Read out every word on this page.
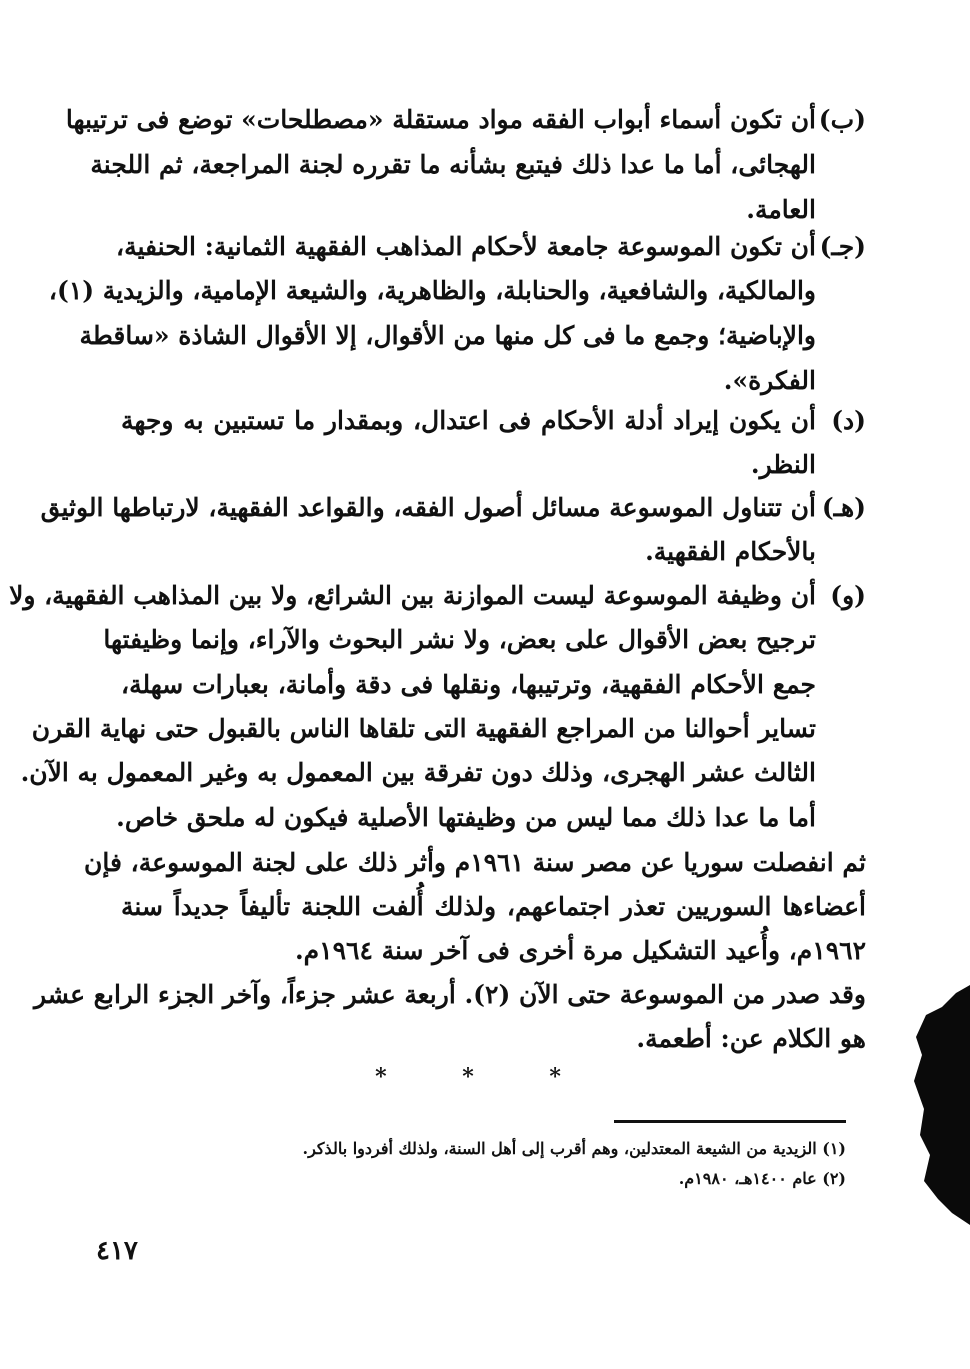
(ب)
أن تكون أسماء أبواب الفقه مواد مستقلة «مصطلحات» توضع فى ترتيبها
الهجائى، أما ما عدا ذلك فيتبع بشأنه ما تقرره لجنة المراجعة، ثم اللجنة
العامة.
(جـ)
أن تكون الموسوعة جامعة لأحكام المذاهب الفقهية الثمانية: الحنفية،
والمالكية، والشافعية، والحنابلة، والظاهرية، والشيعة الإمامية، والزيدية (١)،
والإباضية؛ وجمع ما فى كل منها من الأقوال، إلا الأقوال الشاذة «ساقطة
الفكرة».
(د)
أن يكون إيراد أدلة الأحكام فى اعتدال، وبمقدار ما تستبين به وجهة
النظر.
(هـ)
أن تتناول الموسوعة مسائل أصول الفقه، والقواعد الفقهية، لارتباطها الوثيق
بالأحكام الفقهية.
(و)
أن وظيفة الموسوعة ليست الموازنة بين الشرائع، ولا بين المذاهب الفقهية، ولا
ترجيح بعض الأقوال على بعض، ولا نشر البحوث والآراء، وإنما وظيفتها
جمع الأحكام الفقهية، وترتيبها، ونقلها فى دقة وأمانة، بعبارات سهلة،
تساير أحوالنا من المراجع الفقهية التى تلقاها الناس بالقبول حتى نهاية القرن
الثالث عشر الهجرى، وذلك دون تفرقة بين المعمول به وغير المعمول به الآن.
أما ما عدا ذلك مما ليس من وظيفتها الأصلية فيكون له ملحق خاص.
ثم انفصلت سوريا عن مصر سنة ١٩٦١م وأثر ذلك على لجنة الموسوعة، فإن
أعضاءها السوريين تعذر اجتماعهم، ولذلك أُلفت اللجنة تأليفاً جديداً سنة
١٩٦٢م، وأُعيد التشكيل مرة أخرى فى آخر سنة ١٩٦٤م.
وقد صدر من الموسوعة حتى الآن (٢). أربعة عشر جزءاً، وآخر الجزء الرابع عشر
هو الكلام عن: أطعمة.
* * *
(١) الزيدية من الشيعة المعتدلين، وهم أقرب إلى أهل السنة، ولذلك أفردوا بالذكر.
(٢) عام ١٤٠٠هـ، ١٩٨٠م.
٤١٧
